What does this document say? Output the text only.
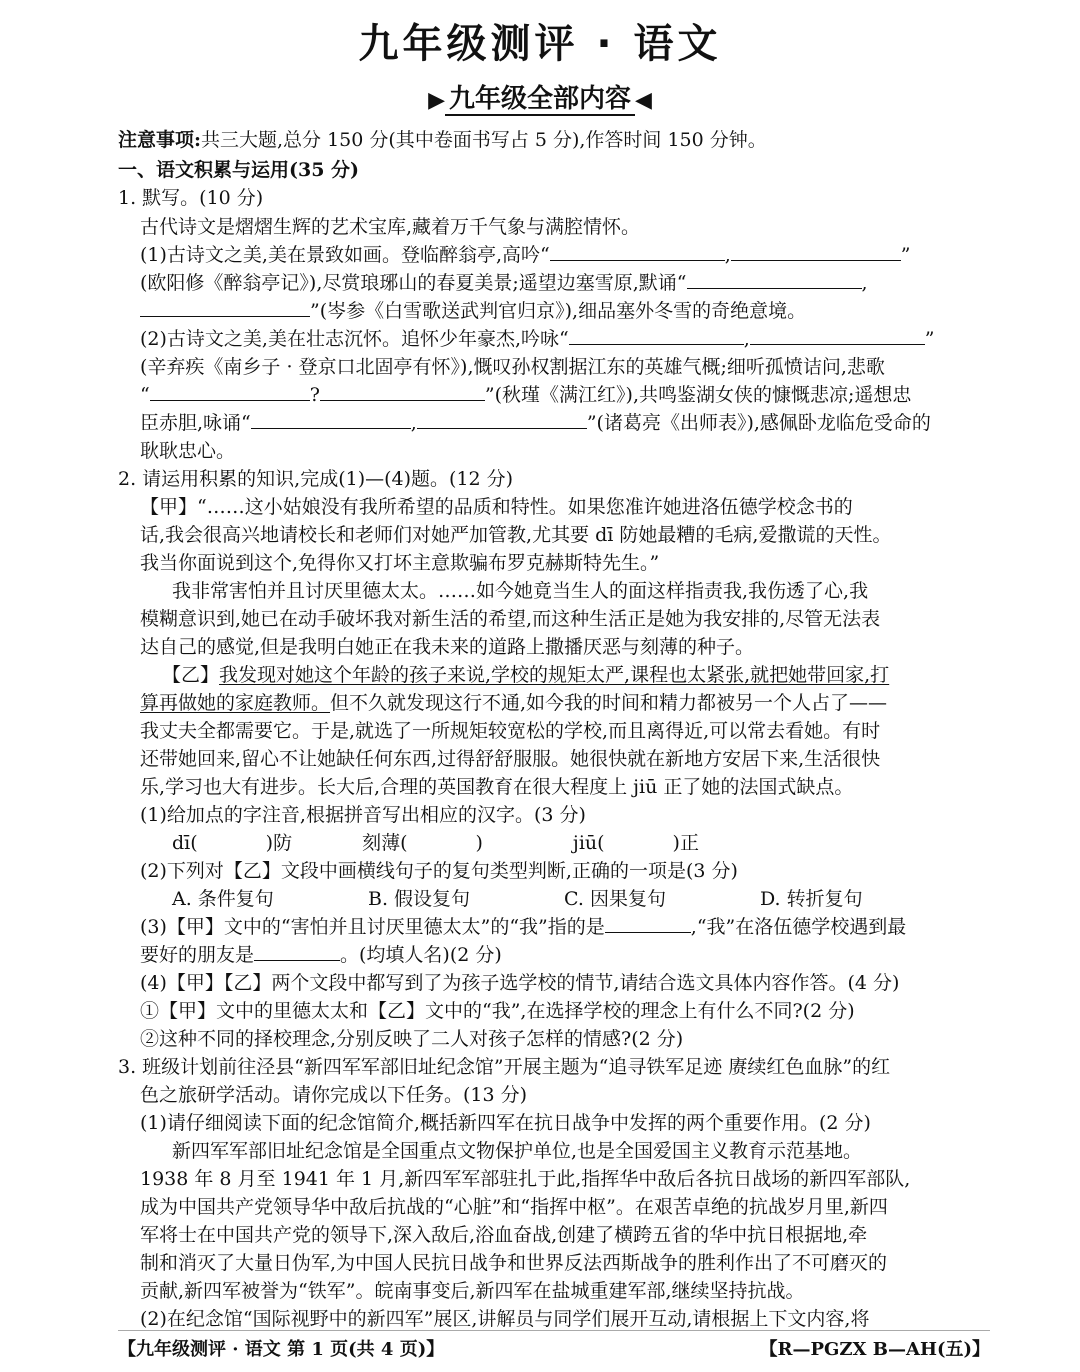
九年级测评 · 语文
▶ 九年级全部内容 ◀
注意事项:共三大题,总分 150 分(其中卷面书写占 5 分),作答时间 150 分钟。
一、语文积累与运用(35 分)
1. 默写。(10 分)
古代诗文是熠熠生辉的艺术宝库,藏着万千气象与满腔情怀。
(1)古诗文之美,美在景致如画。登临醉翁亭,高吟“	,	”
(欧阳修《醉翁亭记》),尽赏琅琊山的春夏美景;遥望边塞雪原,默诵“	,
”(岑参《白雪歌送武判官归京》),细品塞外冬雪的奇绝意境。
(2)古诗文之美,美在壮志沉怀。追怀少年豪杰,吟咏“	,	”
(辛弃疾《南乡子 · 登京口北固亭有怀》),慨叹孙权割据江东的英雄气概;细听孤愤诘问,悲歌
“	?	”(秋瑾《满江红》),共鸣鉴湖女侠的慷慨悲凉;遥想忠
臣赤胆,咏诵“	,	”(诸葛亮《出师表》),感佩卧龙临危受命的
耿耿忠心。
2. 请运用积累的知识,完成(1)—(4)题。(12 分)
【甲】“……这小姑娘没有我所希望的品质和特性。如果您准许她进洛伍德学校念书的
话,我会很高兴地请校长和老师们对她严加管教,尤其要 dī 防她最糟的毛病,爱撒谎的天性。
我当你面说到这个,免得你又打坏主意欺骗布罗克赫斯特先生。”
我非常害怕并且讨厌里德太太。……如今她竟当生人的面这样指责我,我伤透了心,我
模糊意识到,她已在动手破坏我对新生活的希望,而这种生活正是她为我安排的,尽管无法表
达自己的感觉,但是我明白她正在我未来的道路上撒播厌恶与刻薄的种子。
【乙】我发现对她这个年龄的孩子来说,学校的规矩太严,课程也太紧张,就把她带回家,打
算再做她的家庭教师。但不久就发现这行不通,如今我的时间和精力都被另一个人占了——
我丈夫全都需要它。于是,就选了一所规矩较宽松的学校,而且离得近,可以常去看她。有时
还带她回来,留心不让她缺任何东西,过得舒舒服服。她很快就在新地方安居下来,生活很快
乐,学习也大有进步。长大后,合理的英国教育在很大程度上 jiū 正了她的法国式缺点。
(1)给加点的字注音,根据拼音写出相应的汉字。(3 分)
dī(	)防	刻薄(	)	jiū(	)正
(2)下列对【乙】文段中画横线句子的复句类型判断,正确的一项是(3 分)
A. 条件复句	B. 假设复句	C. 因果复句	D. 转折复句
(3)【甲】文中的“害怕并且讨厌里德太太”的“我”指的是	,“我”在洛伍德学校遇到最
要好的朋友是	。(均填人名)(2 分)
(4)【甲】【乙】两个文段中都写到了为孩子选学校的情节,请结合选文具体内容作答。(4 分)
①【甲】文中的里德太太和【乙】文中的“我”,在选择学校的理念上有什么不同?(2 分)
②这种不同的择校理念,分别反映了二人对孩子怎样的情感?(2 分)
3. 班级计划前往泾县“新四军军部旧址纪念馆”开展主题为“追寻铁军足迹 赓续红色血脉”的红
色之旅研学活动。请你完成以下任务。(13 分)
(1)请仔细阅读下面的纪念馆简介,概括新四军在抗日战争中发挥的两个重要作用。(2 分)
新四军军部旧址纪念馆是全国重点文物保护单位,也是全国爱国主义教育示范基地。
1938 年 8 月至 1941 年 1 月,新四军军部驻扎于此,指挥华中敌后各抗日战场的新四军部队,
成为中国共产党领导华中敌后抗战的“心脏”和“指挥中枢”。在艰苦卓绝的抗战岁月里,新四
军将士在中国共产党的领导下,深入敌后,浴血奋战,创建了横跨五省的华中抗日根据地,牵
制和消灭了大量日伪军,为中国人民抗日战争和世界反法西斯战争的胜利作出了不可磨灭的
贡献,新四军被誉为“铁军”。皖南事变后,新四军在盐城重建军部,继续坚持抗战。
(2)在纪念馆“国际视野中的新四军”展区,讲解员与同学们展开互动,请根据上下文内容,将
【九年级测评 · 语文 第 1 页(共 4 页)】	【R—PGZX B—AH(五)】
